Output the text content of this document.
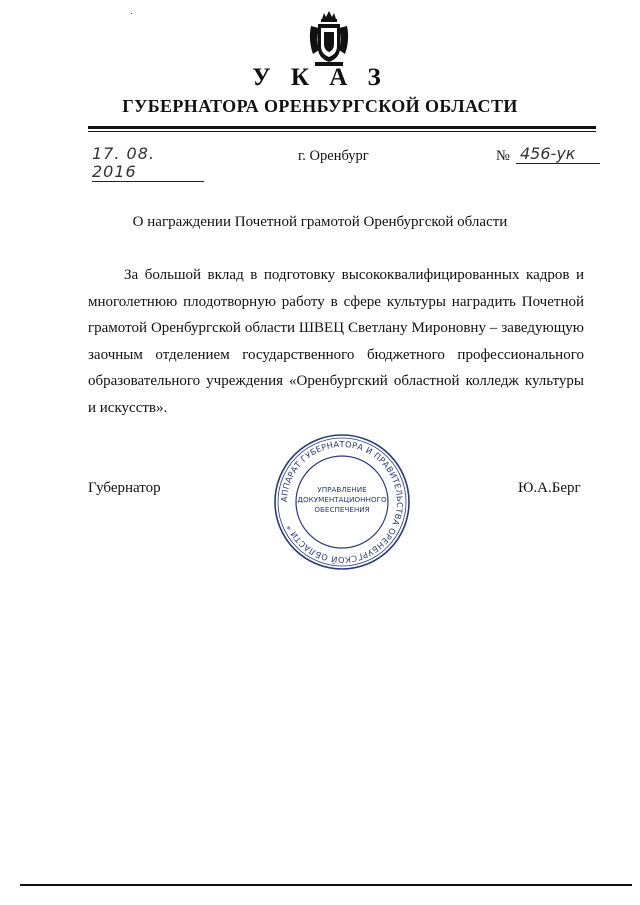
У К А З
ГУБЕРНАТОРА ОРЕНБУРГСКОЙ ОБЛАСТИ
17. 08. 2016
г. Оренбург	№ 456-ук
О награждении Почетной грамотой Оренбургской области
За большой вклад в подготовку высококвалифицированных кадров и многолетнюю плодотворную работу в сфере культуры наградить Почетной грамотой Оренбургской области ШВЕЦ Светлану Мироновну – заведующую заочным отделением государственного бюджетного профессионального образовательного учреждения «Оренбургский областной колледж культуры и искусств».
Губернатор	Ю.А.Берг
АППАРАТ ГУБЕРНАТОРА И ПРАВИТЕЛЬСТВА ОРЕНБУРГСКОЙ ОБЛАСТИ *
УПРАВЛЕНИЕ
ДОКУМЕНТАЦИОННОГО
ОБЕСПЕЧЕНИЯ
